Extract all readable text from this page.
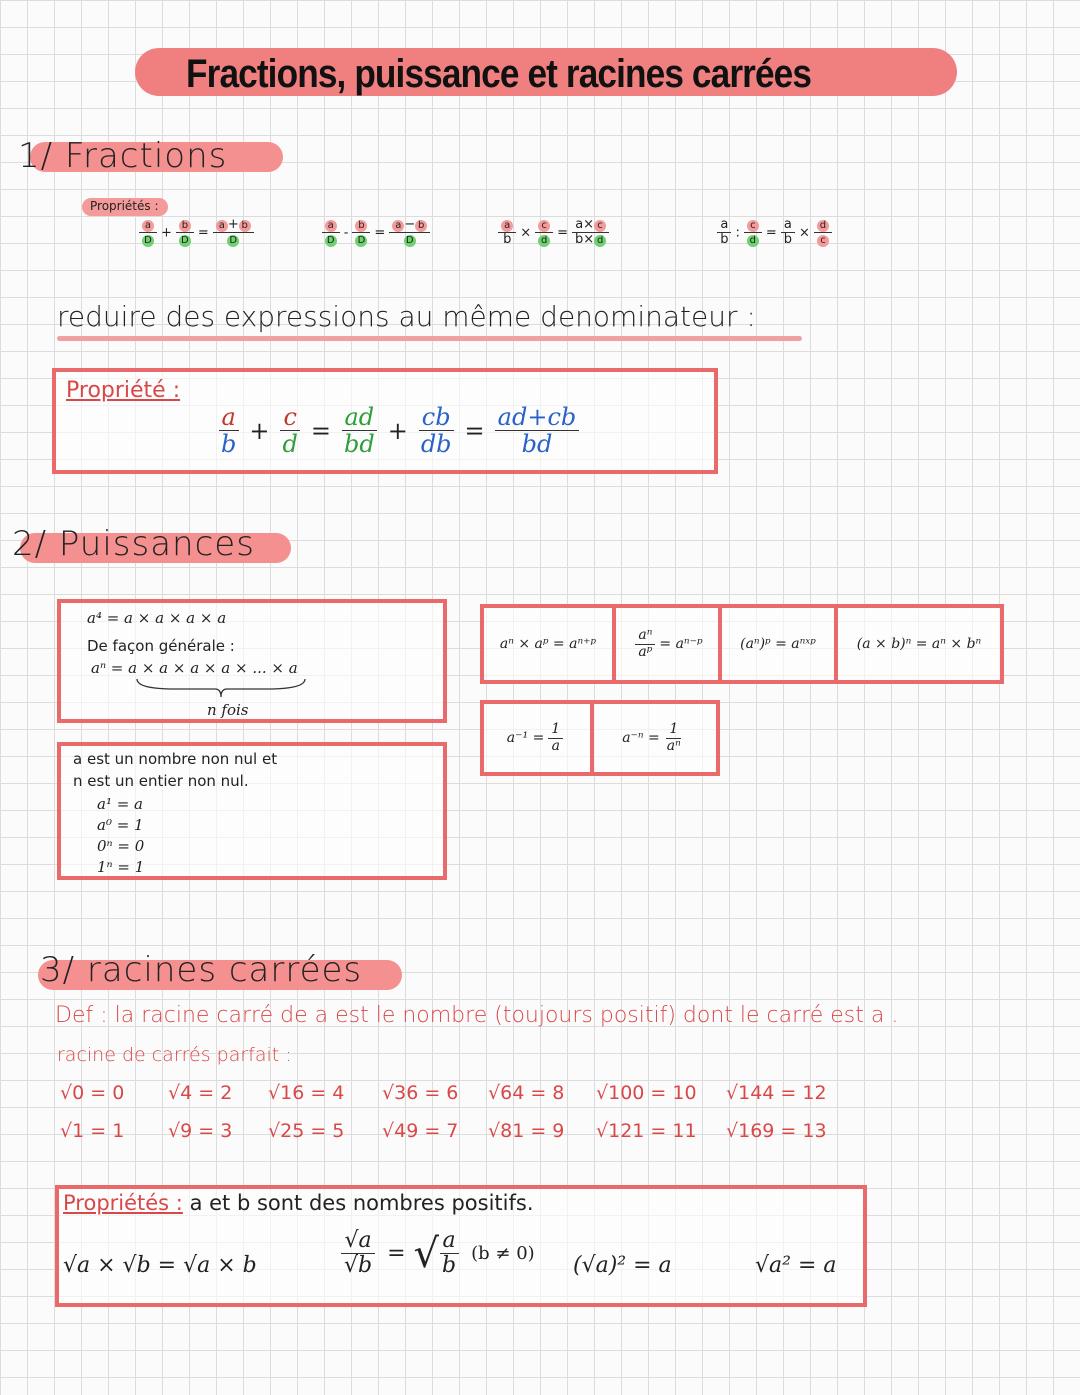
Fractions, puissance et racines carrées
1/ Fractions
Propriétés :
$\frac{a}{D} + \frac{b}{D} = \frac{a + b}{D}$	$\frac{a}{D} - \frac{b}{D} = \frac{a - b}{D}$	$\frac{a}{b} \times \frac{c}{d} = \frac{a\times c}{b\times d}$	$\frac{a}{b}$ : $\frac{c}{d} = \frac{a}{b} \times \frac{d}{c}$
reduire des expressions au même denominateur :
Propriété :
$\frac{a}{b} + \frac{c}{d} = \frac{ad}{bd} + \frac{cb}{db} = \frac{ad+cb}{bd}$
2/ Puissances
a⁴ = a × a × a × a
De façon générale :
aⁿ = a × a × a × a × ... × a
n fois
a est un nombre non nul et
n est un entier non nul.
a¹ = a
a⁰ = 1
0ⁿ = 0
1ⁿ = 1
aⁿ × aᵖ = aⁿ⁺ᵖ	$\frac{\text{aⁿ}}{\text{aᵖ}}$ = aⁿ⁻ᵖ	(aⁿ)ᵖ = aⁿˣᵖ	(a × b)ⁿ = aⁿ × bⁿ
$a^{-1} = \frac{1}{a}$	$a^{-n} = \frac{1}{\text{aⁿ}}$
3/ racines carrées
Def : la racine carré de a est le nombre (toujours positif) dont le carré est a .
racine de carrés parfait :
√0 = 0 √4 = 2 √16 = 4 √36 = 6 √64 = 8 √100 = 10 √144 = 12
√1 = 1 √9 = 3 √25 = 5 √49 = 7 √81 = 9 √121 = 11 √169 = 13
Propriétés : a et b sont des nombres positifs.
√a × √b = √a × b	$\frac{√a}{√b}$ = √ $\frac{a}{b} (b \ne 0) (√a)^2 = a$	√a² = a
